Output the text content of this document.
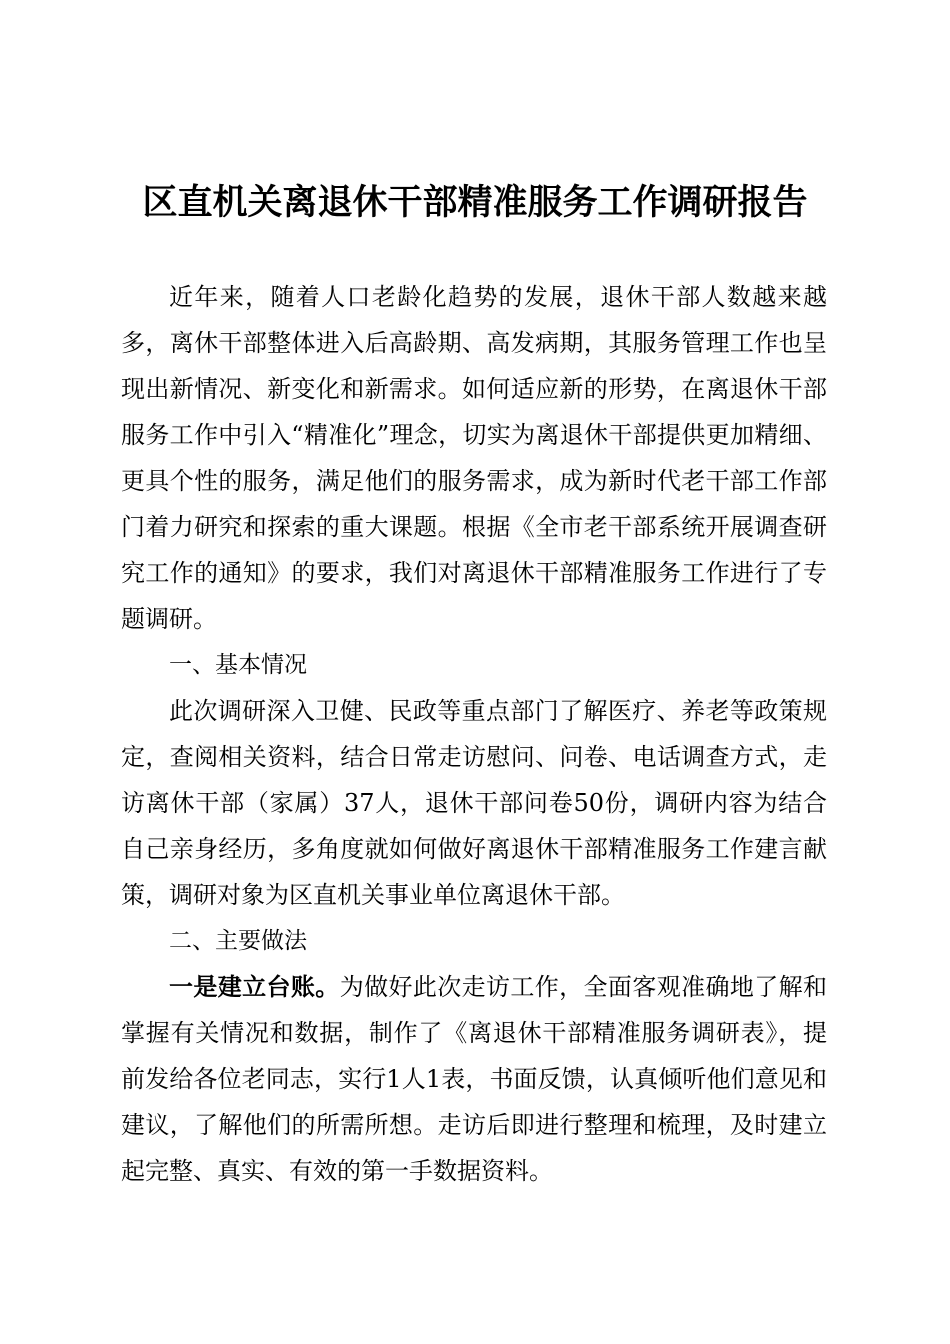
区直机关离退休干部精准服务工作调研报告

近年来，随着人口老龄化趋势的发展，退休干部人数越来越多，离休干部整体进入后高龄期、高发病期，其服务管理工作也呈现出新情况、新变化和新需求。如何适应新的形势，在离退休干部服务工作中引入“精准化”理念，切实为离退休干部提供更加精细、更具个性的服务，满足他们的服务需求，成为新时代老干部工作部门着力研究和探索的重大课题。根据《全市老干部系统开展调查研究工作的通知》的要求，我们对离退休干部精准服务工作进行了专题调研。

一、基本情况

此次调研深入卫健、民政等重点部门了解医疗、养老等政策规定，查阅相关资料，结合日常走访慰问、问卷、电话调查方式，走访离休干部（家属）37人，退休干部问卷50份，调研内容为结合自己亲身经历，多角度就如何做好离退休干部精准服务工作建言献策，调研对象为区直机关事业单位离退休干部。

二、主要做法

一是建立台账。为做好此次走访工作，全面客观准确地了解和掌握有关情况和数据，制作了《离退休干部精准服务调研表》，提前发给各位老同志，实行1人1表，书面反馈，认真倾听他们意见和建议，了解他们的所需所想。走访后即进行整理和梳理，及时建立起完整、真实、有效的第一手数据资料。
